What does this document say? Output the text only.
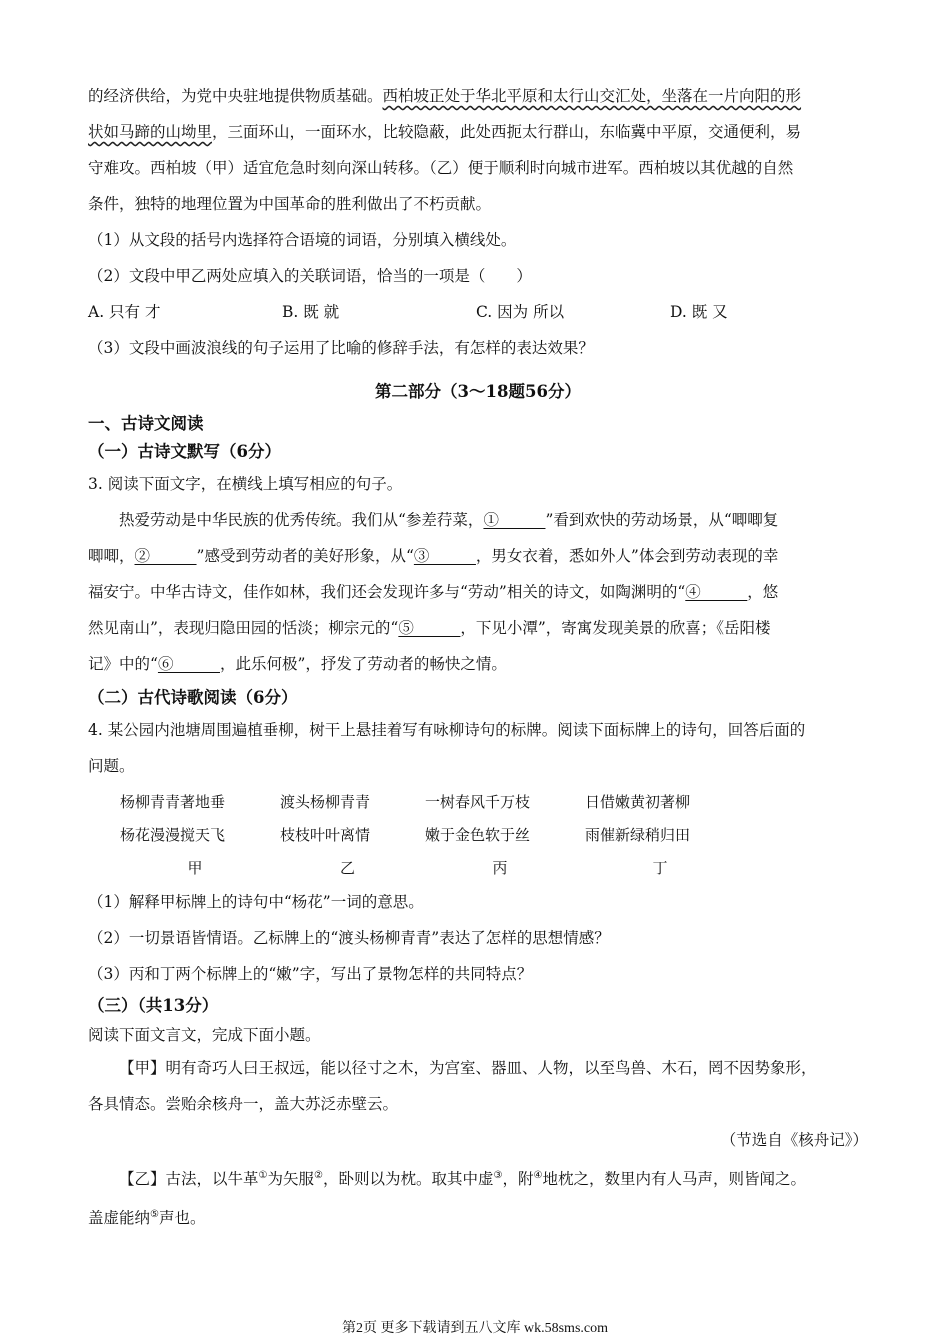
的经济供给，为党中央驻地提供物质基础。西柏坡正处于华北平原和太行山交汇处，坐落在一片向阳的形

状如马蹄的山坳里，三面环山，一面环水，比较隐蔽，此处西扼太行群山，东临冀中平原，交通便利，易

守难攻。西柏坡（甲）适宜危急时刻向深山转移。（乙）便于顺利时向城市进军。西柏坡以其优越的自然

条件，独特的地理位置为中国革命的胜利做出了不朽贡献。

（1）从文段的括号内选择符合语境的词语，分别填入横线处。

（2）文段中甲乙两处应填入的关联词语，恰当的一项是（　　）

A. 只有 才	B. 既 就	C. 因为 所以	D. 既 又

（3）文段中画波浪线的句子运用了比喻的修辞手法，有怎样的表达效果？

第二部分（3～18题56分）
一、古诗文阅读
（一）古诗文默写（6分）

3. 阅读下面文字，在横线上填写相应的句子。

热爱劳动是中华民族的优秀传统。我们从“参差荇菜，①______”看到欢快的劳动场景，从“唧唧复

唧唧，②______”感受到劳动者的美好形象，从“③______，男女衣着，悉如外人”体会到劳动表现的幸

福安宁。中华古诗文，佳作如林，我们还会发现许多与“劳动”相关的诗文，如陶渊明的“④______，悠

然见南山”，表现归隐田园的恬淡；柳宗元的“⑤______，下见小潭”，寄寓发现美景的欣喜；《岳阳楼

记》中的“⑥______，此乐何极”，抒发了劳动者的畅快之情。

（二）古代诗歌阅读（6分）

4. 某公园内池塘周围遍植垂柳，树干上悬挂着写有咏柳诗句的标牌。阅读下面标牌上的诗句，回答后面的

问题。

杨柳青青著地垂	渡头杨柳青青	一树春风千万枝	日借嫩黄初著柳
杨花漫漫搅天飞	枝枝叶叶离情	嫩于金色软于丝	雨催新绿稍归田
甲	乙	丙	丁

（1）解释甲标牌上的诗句中“杨花”一词的意思。

（2）一切景语皆情语。乙标牌上的“渡头杨柳青青”表达了怎样的思想情感？

（3）丙和丁两个标牌上的“嫩”字，写出了景物怎样的共同特点？

（三）（共13分）

阅读下面文言文，完成下面小题。

【甲】明有奇巧人曰王叔远，能以径寸之木，为宫室、器皿、人物，以至鸟兽、木石，罔不因势象形，

各具情态。尝贻余核舟一，盖大苏泛赤壁云。

（节选自《核舟记》）

【乙】古法，以牛革①为矢服②，卧则以为枕。取其中虚③，附④地枕之，数里内有人马声，则皆闻之。

盖虚能纳⑤声也。

第2页 更多下载请到五八文库 wk.58sms.com
